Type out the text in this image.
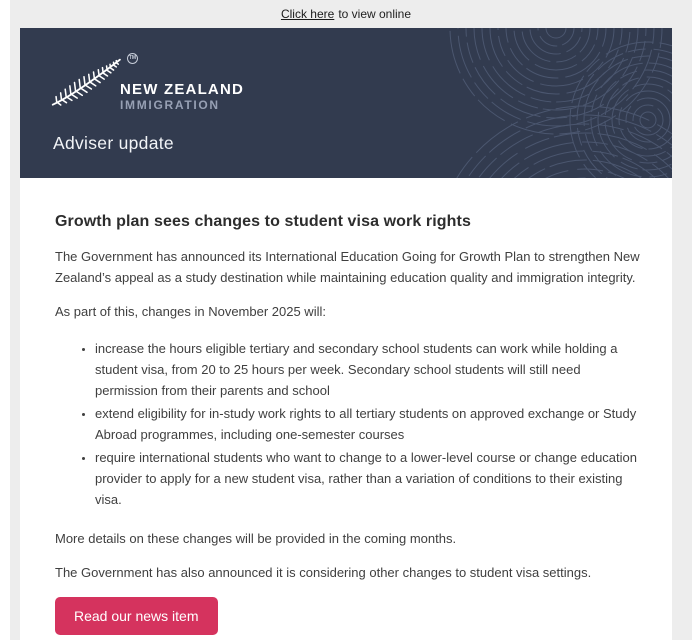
Click here to view online
NEW ZEALAND
IMMIGRATION
TM
Adviser update
Growth plan sees changes to student visa work rights

The Government has announced its International Education Going for Growth Plan to strengthen New Zealand’s appeal as a study destination while maintaining education quality and immigration integrity.

As part of this, changes in November 2025 will:

• increase the hours eligible tertiary and secondary school students can work while holding a student visa, from 20 to 25 hours per week. Secondary school students will still need permission from their parents and school
• extend eligibility for in-study work rights to all tertiary students on approved exchange or Study Abroad programmes, including one-semester courses
• require international students who want to change to a lower-level course or change education provider to apply for a new student visa, rather than a variation of conditions to their existing visa.

More details on these changes will be provided in the coming months.

The Government has also announced it is considering other changes to student visa settings.

Read our news item
